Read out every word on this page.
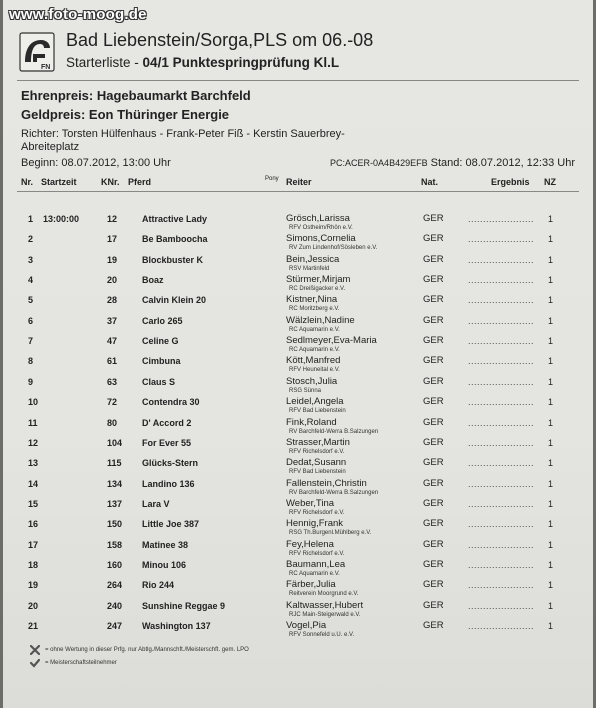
www.foto-moog.de
FN
Bad Liebenstein/Sorga,PLS om 06.-08
Starterliste - 04/1 Punktespringprüfung Kl.L
Ehrenpreis: Hagebaumarkt Barchfeld
Geldpreis: Eon Thüringer Energie
Richter: Torsten Hülfenhaus - Frank-Peter Fiß - Kerstin Sauerbrey-Abreiteplatz
Beginn: 08.07.2012, 13:00 Uhr	PC:ACER-0A4B429EFB Stand: 08.07.2012, 12:33 Uhr
Nr. Startzeit	KNr. Pferd	Pony Reiter	Nat.	Ergebnis NZ
1 13:00:00	12	Attractive Lady	Grösch,Larissa	GER	...................... 1
RFV Ostheim/Rhön e.V.
2	17	Be Bamboocha	Simons,Cornelia	GER	...................... 1
RV Zum Lindenhof/Sösleben e.V.
3	19	Blockbuster K	Bein,Jessica	GER	...................... 1
RSV Martinfeld
4	20	Boaz	Stürmer,Mirjam	GER	...................... 1
RC Dreißigacker e.V.
5	28	Calvin Klein 20	Kistner,Nina	GER	...................... 1
RC Moritzberg e.V.
6	37	Carlo 265	Wälzlein,Nadine	GER	...................... 1
RC Aquamarin e.V.
7	47	Celine G	Sedlmeyer,Eva-Maria	GER	...................... 1
RC Aquamarin e.V.
8	61	Cimbuna	Kött,Manfred	GER	...................... 1
RFV Heuneital e.V.
9	63	Claus S	Stosch,Julia	GER	...................... 1
RSG Sünna
10	72	Contendra 30	Leidel,Angela	GER	...................... 1
RFV Bad Liebenstein
11	80	D' Accord 2	Fink,Roland	GER	...................... 1
RV Barchfeld-Werra B.Salzungen
12	104 For Ever 55	Strasser,Martin	GER	...................... 1
RFV Richelsdorf e.V.
13	115 Glücks-Stern	Dedat,Susann	GER	...................... 1
RFV Bad Liebenstein
14	134 Landino 136	Fallenstein,Christin	GER	...................... 1
RV Barchfeld-Werra B.Salzungen
15	137 Lara V	Weber,Tina	GER	...................... 1
RFV Richelsdorf e.V.
16	150 Little Joe 387	Hennig,Frank	GER	...................... 1
RSG Th.Burgenl.Mühlberg e.V.
17	158 Matinee 38	Fey,Helena	GER	...................... 1
RFV Richelsdorf e.V.
18	160 Minou 106	Baumann,Lea	GER	...................... 1
RC Aquamarin e.V.
19	264 Rio 244	Färber,Julia	GER	...................... 1
Reitverein Moorgrund e.V.
20	240 Sunshine Reggae 9	Kaltwasser,Hubert	GER	...................... 1
RJC Main-Steigerwald e.V.
21	247 Washington 137	Vogel,Pia	GER	...................... 1
RFV Sonnefeld u.U. e.V.
= ohne Wertung in dieser Prfg. nur Abtlg./Mannschft./Meisterschft. gem. LPO
= Meisterschaftsteilnehmer
